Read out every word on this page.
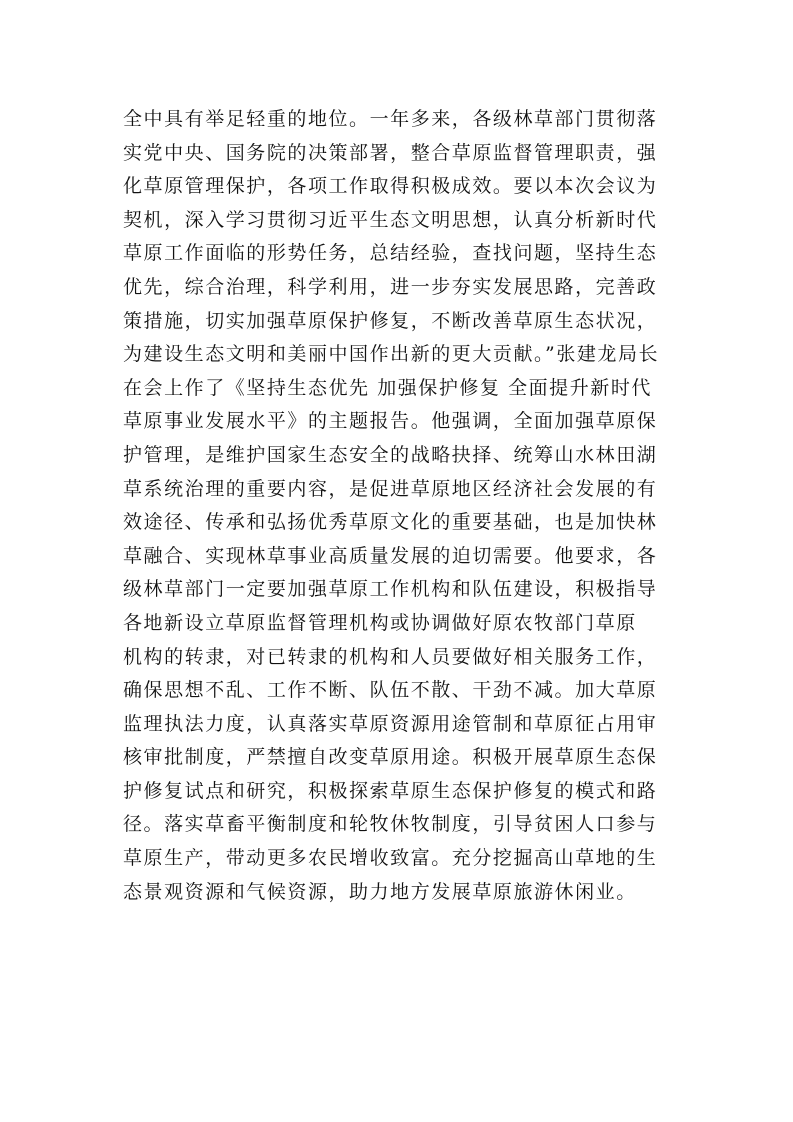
全中具有举足轻重的地位。一年多来，各级林草部门贯彻落
实党中央、国务院的决策部署，整合草原监督管理职责，强
化草原管理保护，各项工作取得积极成效。要以本次会议为
契机，深入学习贯彻习近平生态文明思想，认真分析新时代
草原工作面临的形势任务，总结经验，查找问题，坚持生态
优先，综合治理，科学利用，进一步夯实发展思路，完善政
策措施，切实加强草原保护修复，不断改善草原生态状况，
为建设生态文明和美丽中国作出新的更大贡献。”张建龙局长
在会上作了《坚持生态优先 加强保护修复 全面提升新时代
草原事业发展水平》的主题报告。他强调，全面加强草原保
护管理，是维护国家生态安全的战略抉择、统筹山水林田湖
草系统治理的重要内容，是促进草原地区经济社会发展的有
效途径、传承和弘扬优秀草原文化的重要基础，也是加快林
草融合、实现林草事业高质量发展的迫切需要。他要求，各
级林草部门一定要加强草原工作机构和队伍建设，积极指导
各地新设立草原监督管理机构或协调做好原农牧部门草原
机构的转隶，对已转隶的机构和人员要做好相关服务工作，
确保思想不乱、工作不断、队伍不散、干劲不减。加大草原
监理执法力度，认真落实草原资源用途管制和草原征占用审
核审批制度，严禁擅自改变草原用途。积极开展草原生态保
护修复试点和研究，积极探索草原生态保护修复的模式和路
径。落实草畜平衡制度和轮牧休牧制度，引导贫困人口参与
草原生产，带动更多农民增收致富。充分挖掘高山草地的生
态景观资源和气候资源，助力地方发展草原旅游休闲业。
